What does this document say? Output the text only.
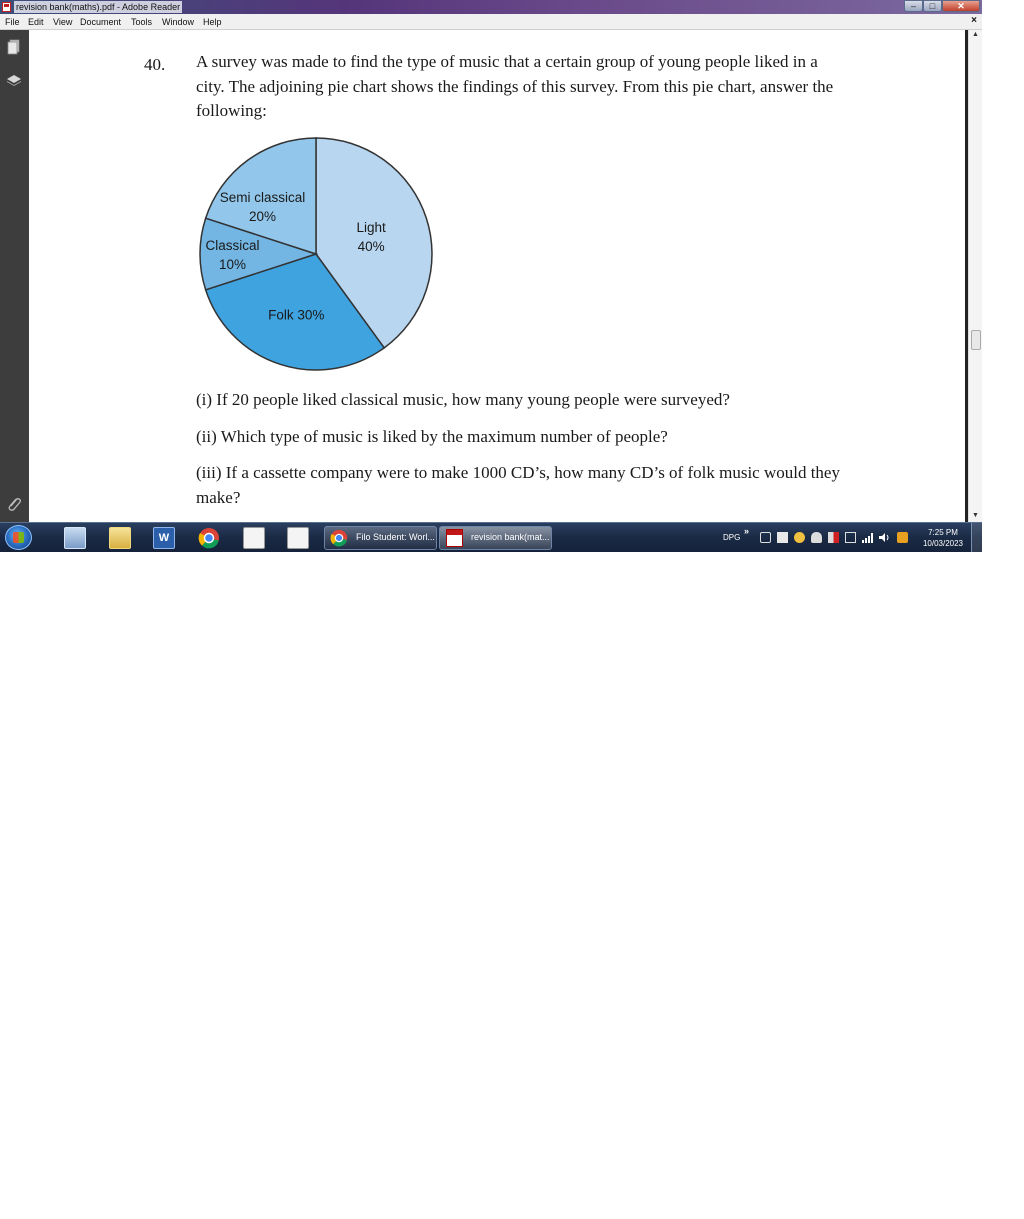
revision bank(maths).pdf - Adobe Reader	–	□	✕
File Edit View Document Tools Window Help	×
▲
▼
40. A survey was made to find the type of music that a certain group of young people liked in a city. The adjoining pie chart shows the findings of this survey. From this pie chart, answer the following:
Light
40%
Folk 30%
Classical
10%
Semi classical
20%
(i) If 20 people liked classical music, how many young people were surveyed?
(ii) Which type of music is liked by the maximum number of people?
(iii) If a cassette company were to make 1000 CD’s, how many CD’s of folk music would they make?
W	Filo Student: Worl...	revision bank(mat...	DPG
»	7:25 PM
10/03/2023
